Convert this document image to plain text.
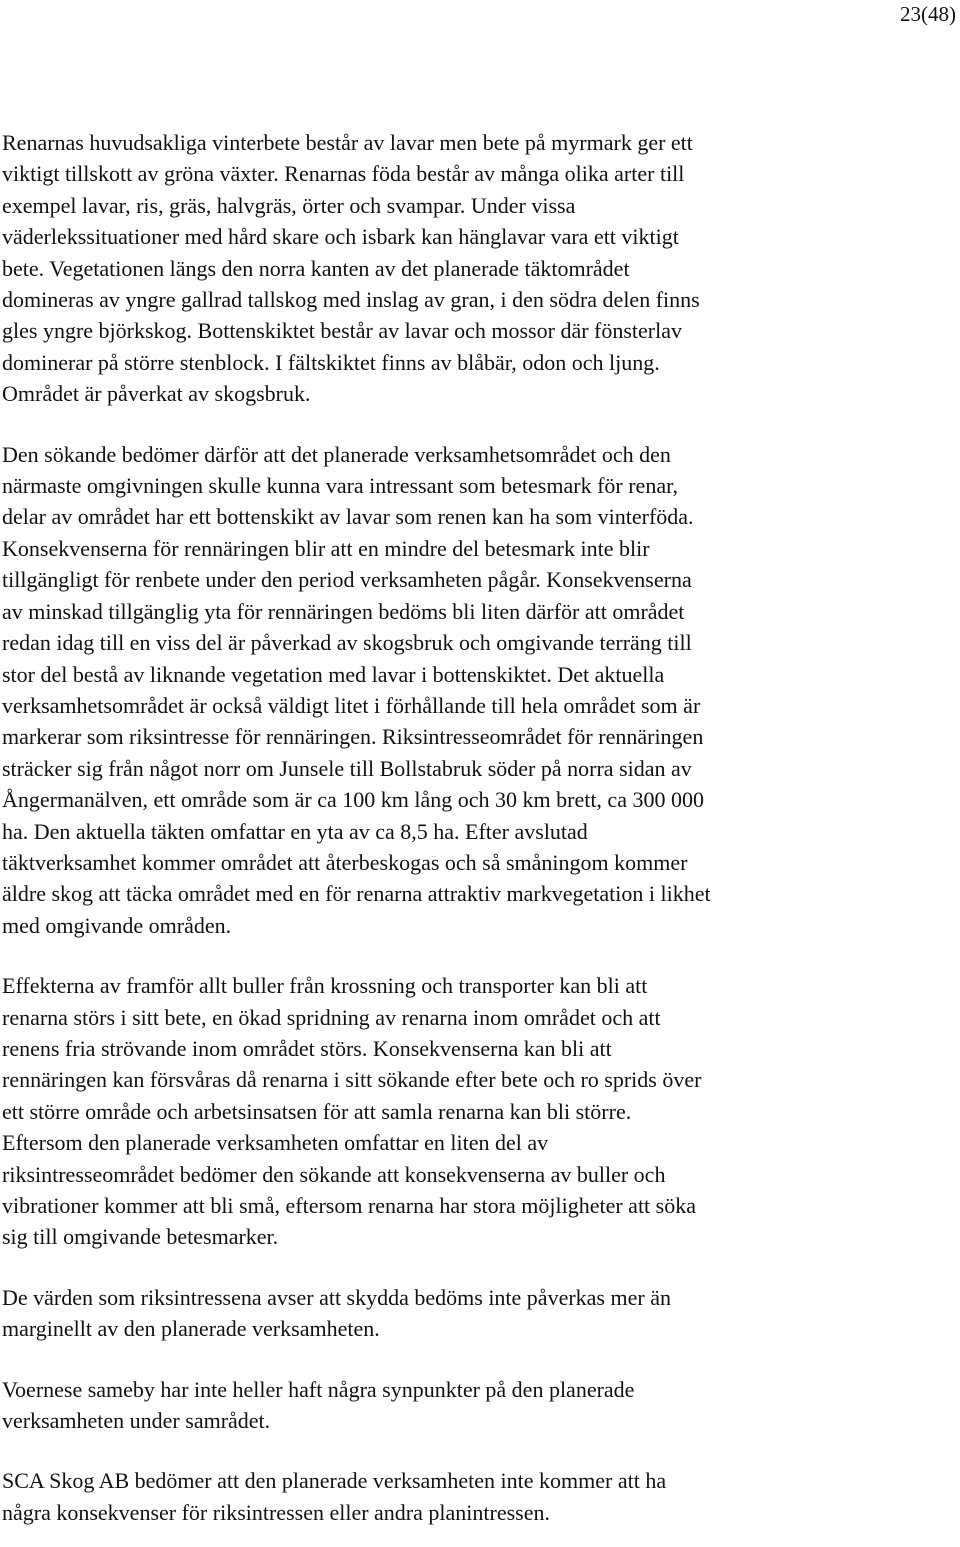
23(48)

Renarnas huvudsakliga vinterbete består av lavar men bete på myrmark ger ett
viktigt tillskott av gröna växter. Renarnas föda består av många olika arter till
exempel lavar, ris, gräs, halvgräs, örter och svampar. Under vissa
väderlekssituationer med hård skare och isbark kan hänglavar vara ett viktigt
bete. Vegetationen längs den norra kanten av det planerade täktområdet
domineras av yngre gallrad tallskog med inslag av gran, i den södra delen finns
gles yngre björkskog. Bottenskiktet består av lavar och mossor där fönsterlav
dominerar på större stenblock. I fältskiktet finns av blåbär, odon och ljung.
Området är påverkat av skogsbruk.

Den sökande bedömer därför att det planerade verksamhetsområdet och den
närmaste omgivningen skulle kunna vara intressant som betesmark för renar,
delar av området har ett bottenskikt av lavar som renen kan ha som vinterföda.
Konsekvenserna för rennäringen blir att en mindre del betesmark inte blir
tillgängligt för renbete under den period verksamheten pågår. Konsekvenserna
av minskad tillgänglig yta för rennäringen bedöms bli liten därför att området
redan idag till en viss del är påverkad av skogsbruk och omgivande terräng till
stor del bestå av liknande vegetation med lavar i bottenskiktet. Det aktuella
verksamhetsområdet är också väldigt litet i förhållande till hela området som är
markerar som riksintresse för rennäringen. Riksintresseområdet för rennäringen
sträcker sig från något norr om Junsele till Bollstabruk söder på norra sidan av
Ångermanälven, ett område som är ca 100 km lång och 30 km brett, ca 300 000
ha. Den aktuella täkten omfattar en yta av ca 8,5 ha. Efter avslutad
täktverksamhet kommer området att återbeskogas och så småningom kommer
äldre skog att täcka området med en för renarna attraktiv markvegetation i likhet
med omgivande områden.

Effekterna av framför allt buller från krossning och transporter kan bli att
renarna störs i sitt bete, en ökad spridning av renarna inom området och att
renens fria strövande inom området störs. Konsekvenserna kan bli att
rennäringen kan försvåras då renarna i sitt sökande efter bete och ro sprids över
ett större område och arbetsinsatsen för att samla renarna kan bli större.
Eftersom den planerade verksamheten omfattar en liten del av
riksintresseområdet bedömer den sökande att konsekvenserna av buller och
vibrationer kommer att bli små, eftersom renarna har stora möjligheter att söka
sig till omgivande betesmarker.

De värden som riksintressena avser att skydda bedöms inte påverkas mer än
marginellt av den planerade verksamheten.

Voernese sameby har inte heller haft några synpunkter på den planerade
verksamheten under samrådet.

SCA Skog AB bedömer att den planerade verksamheten inte kommer att ha
några konsekvenser för riksintressen eller andra planintressen.
